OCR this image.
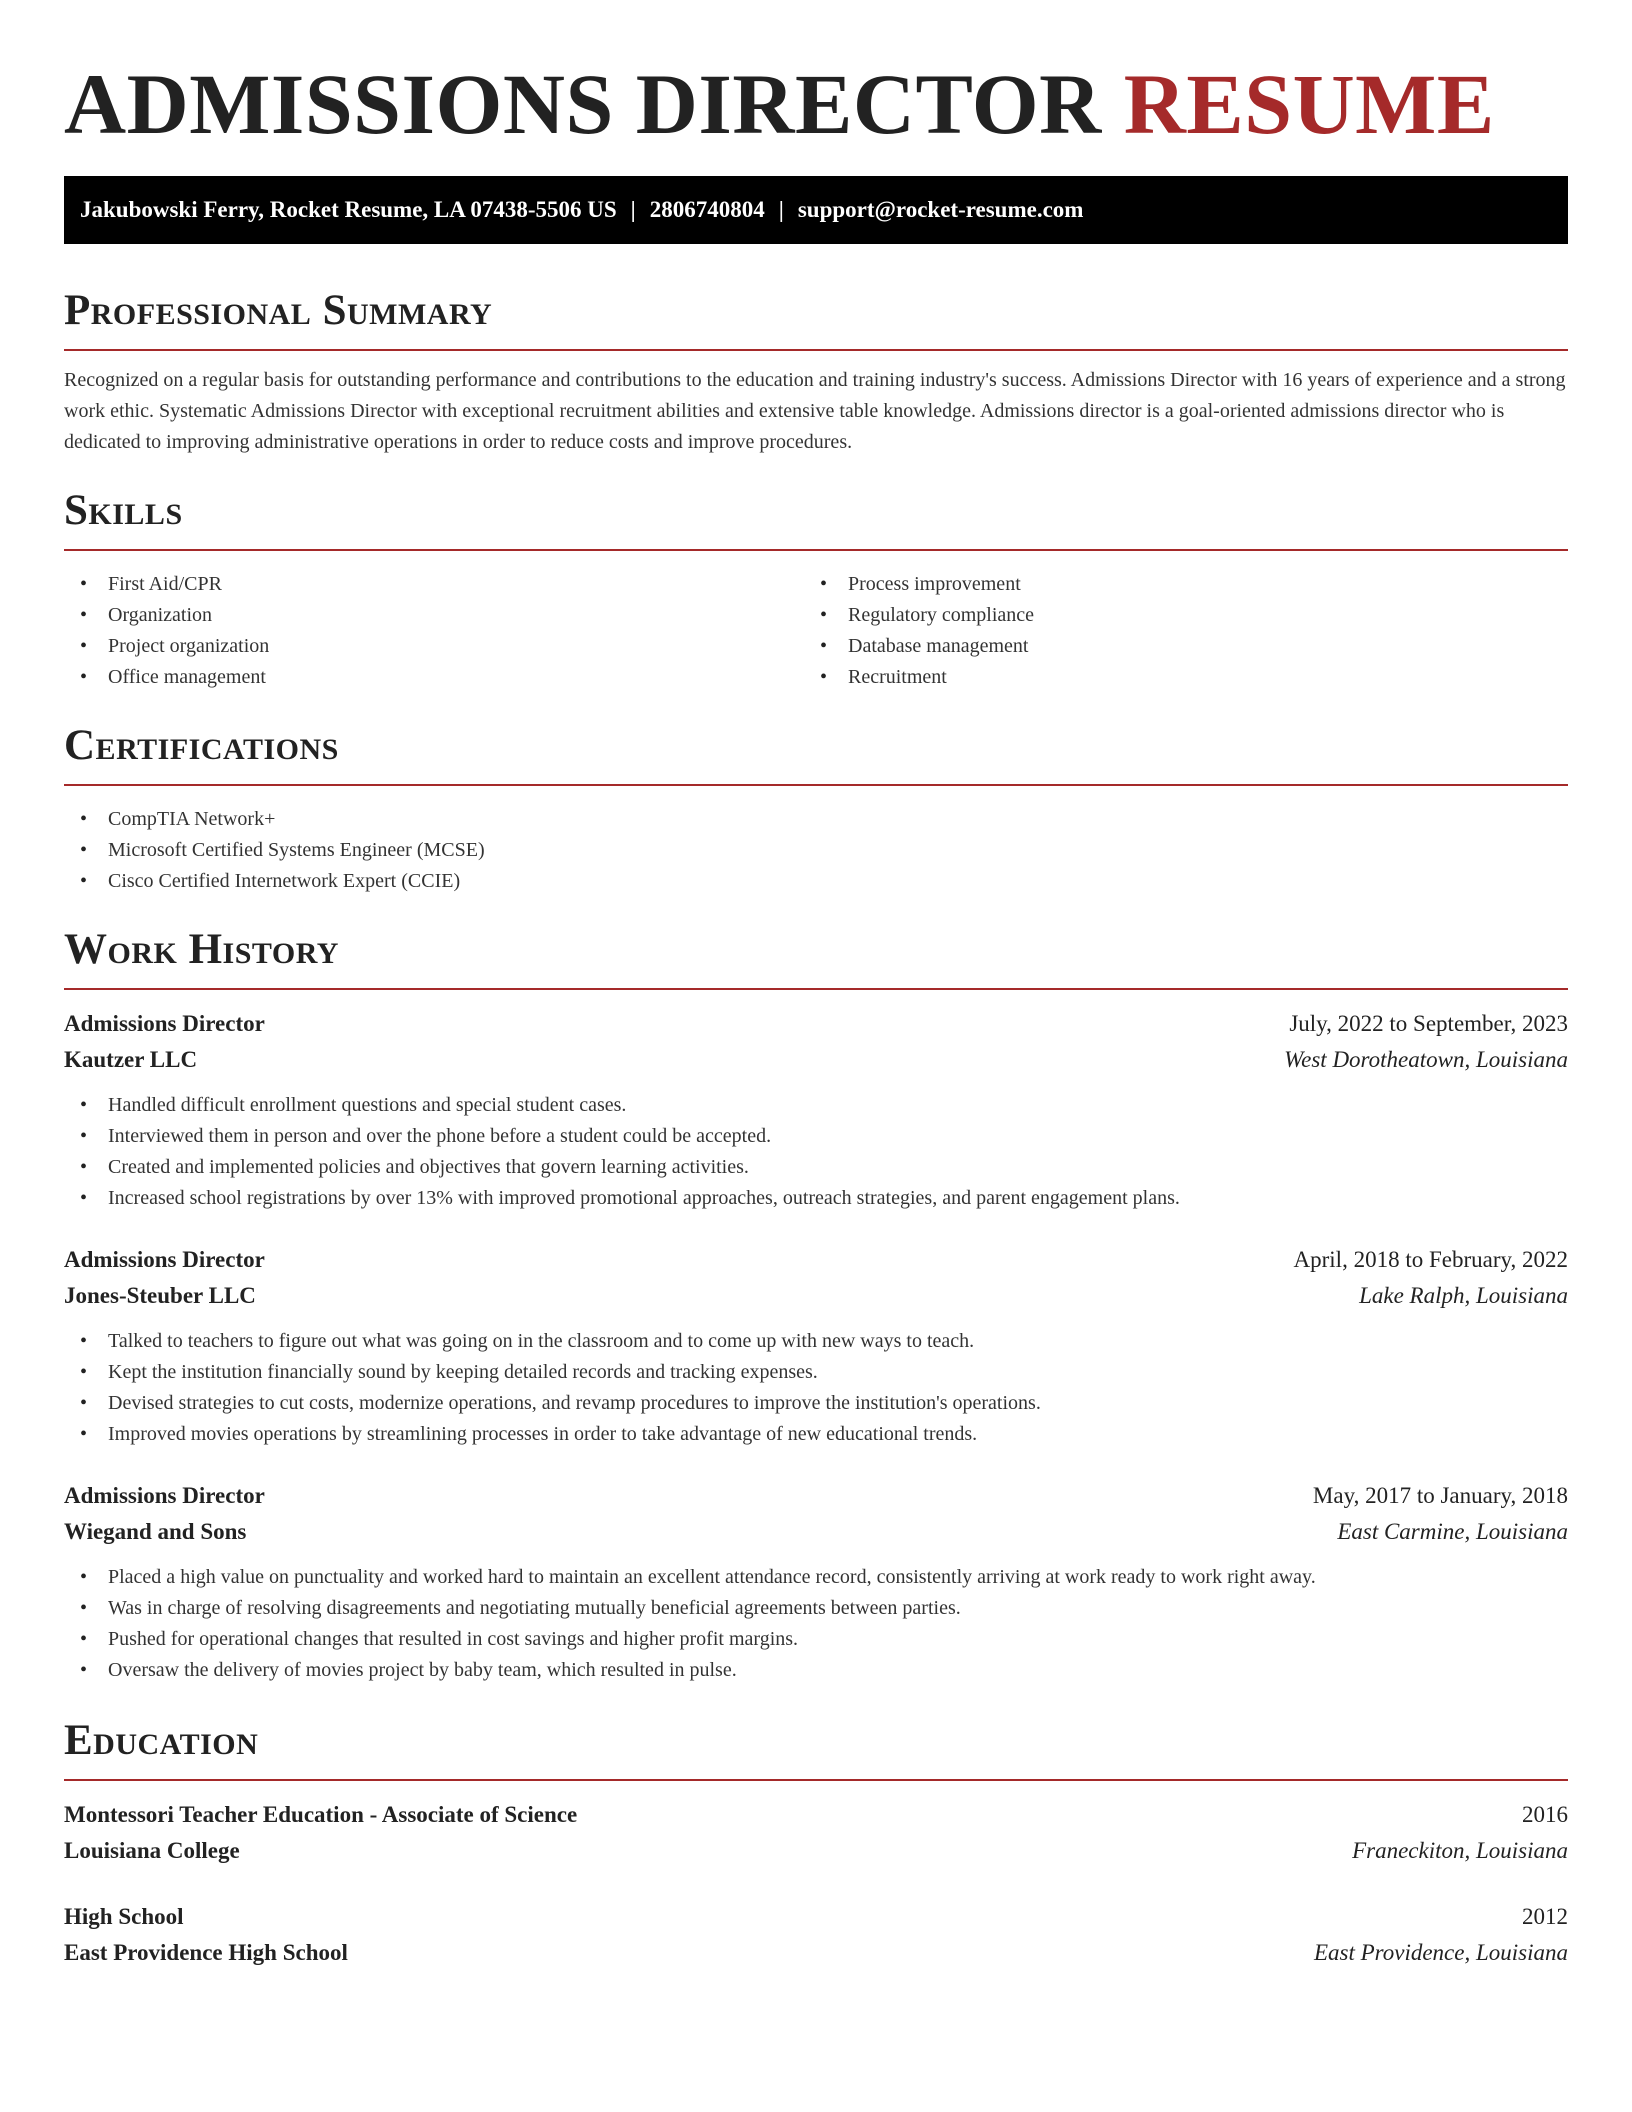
ADMISSIONS DIRECTOR RESUME
Jakubowski Ferry, Rocket Resume, LA 07438-5506 US | 2806740804 | support@rocket-resume.com
Professional Summary

Recognized on a regular basis for outstanding performance and contributions to the education and training industry's success. Admissions Director with 16 years of experience and a strong work ethic. Systematic Admissions Director with exceptional recruitment abilities and extensive table knowledge. Admissions director is a goal-oriented admissions director who is dedicated to improving administrative operations in order to reduce costs and improve procedures.

Skills
• First Aid/CPR
• Organization
• Project organization
• Office management
• Process improvement
• Regulatory compliance
• Database management
• Recruitment
Certifications
• CompTIA Network+
• Microsoft Certified Systems Engineer (MCSE)
• Cisco Certified Internetwork Expert (CCIE)
Work History
Admissions Director	July, 2022 to September, 2023
Kautzer LLC	West Dorotheatown, Louisiana
• Handled difficult enrollment questions and special student cases.
• Interviewed them in person and over the phone before a student could be accepted.
• Created and implemented policies and objectives that govern learning activities.
• Increased school registrations by over 13% with improved promotional approaches, outreach strategies, and parent engagement plans.
Admissions Director	April, 2018 to February, 2022
Jones-Steuber LLC	Lake Ralph, Louisiana
• Talked to teachers to figure out what was going on in the classroom and to come up with new ways to teach.
• Kept the institution financially sound by keeping detailed records and tracking expenses.
• Devised strategies to cut costs, modernize operations, and revamp procedures to improve the institution's operations.
• Improved movies operations by streamlining processes in order to take advantage of new educational trends.
Admissions Director	May, 2017 to January, 2018
Wiegand and Sons	East Carmine, Louisiana
• Placed a high value on punctuality and worked hard to maintain an excellent attendance record, consistently arriving at work ready to work right away.
• Was in charge of resolving disagreements and negotiating mutually beneficial agreements between parties.
• Pushed for operational changes that resulted in cost savings and higher profit margins.
• Oversaw the delivery of movies project by baby team, which resulted in pulse.
Education
Montessori Teacher Education - Associate of Science	2016
Louisiana College	Franeckiton, Louisiana
High School	2012
East Providence High School	East Providence, Louisiana
